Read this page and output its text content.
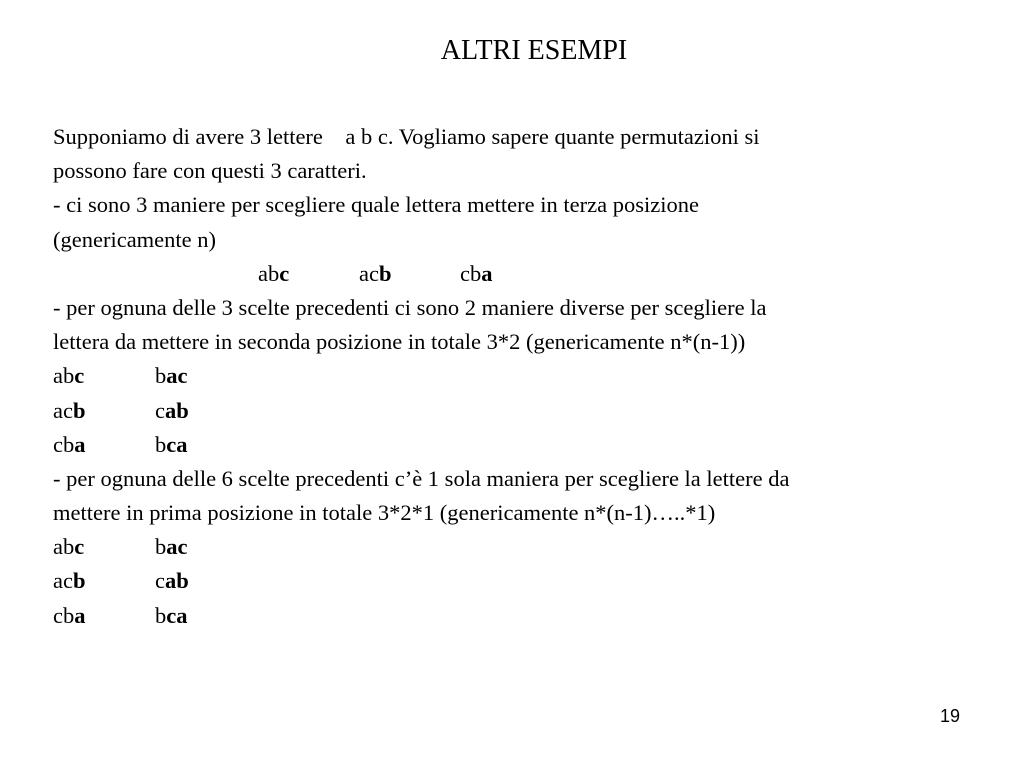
ALTRI ESEMPI
Supponiamo di avere 3 lettere    a b c. Vogliamo sapere quante permutazioni si
possono fare con questi 3 caratteri.
- ci sono 3 maniere per scegliere quale lettera mettere in terza posizione
(genericamente n)
abc	acb	cba
- per ognuna delle 3 scelte precedenti ci sono 2 maniere diverse per scegliere la
lettera da mettere in seconda posizione in totale 3*2 (genericamente n*(n-1))
abc	bac
acb	cab
cba	bca
- per ognuna delle 6 scelte precedenti c’è 1 sola maniera per scegliere la lettere da
mettere in prima posizione in totale 3*2*1 (genericamente n*(n-1)…..*1)
abc	bac
acb	cab
cba	bca
19
